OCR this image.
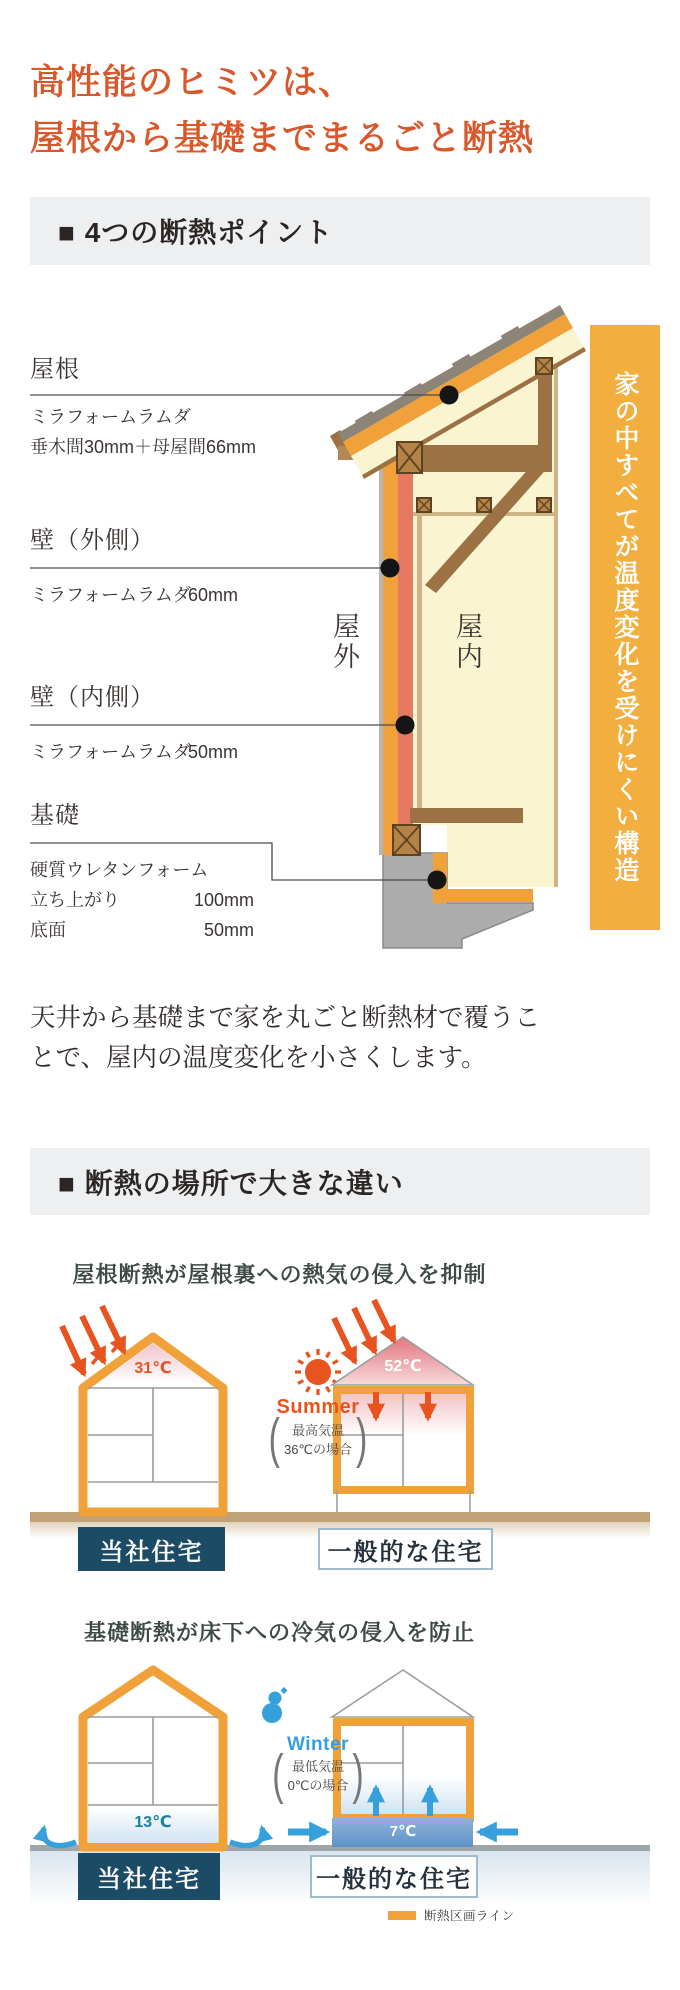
高性能のヒミツは、
屋根から基礎までまるごと断熱
■ 4つの断熱ポイント
屋根
ミラフォームラムダ
垂木間30mm＋母屋間66mm
壁（外側）
ミラフォームラムダ
60mm
壁（内側）
ミラフォームラムダ
50mm
基礎
硬質ウレタンフォーム
立ち上がり	100mm
底面	50mm
屋外	屋内	家の中すべてが温度変化を受けにくい構造
天井から基礎まで家を丸ごと断熱材で覆うことで、屋内の温度変化を小さくします。
■ 断熱の場所で大きな違い
屋根断熱が屋根裏への熱気の侵入を抑制
31℃	52℃
Summer
( 最高気温
36℃の場合 )
当社住宅	一般的な住宅
基礎断熱が床下への冷気の侵入を防止
13℃
7℃
Winter
( 最低気温
0℃の場合 )
当社住宅	一般的な住宅
断熱区画ライン
